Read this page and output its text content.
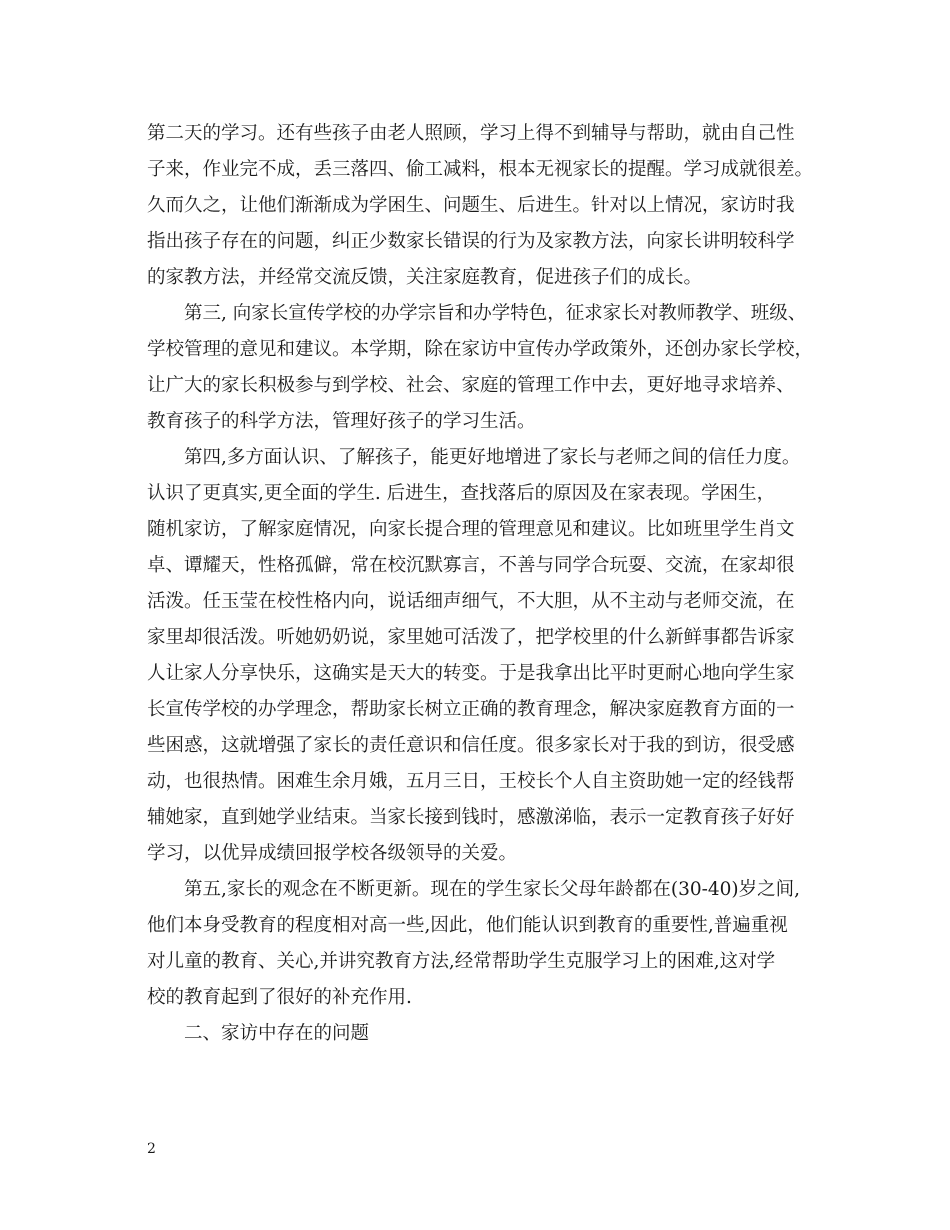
第二天的学习。还有些孩子由老人照顾，学习上得不到辅导与帮助，就由自己性
子来，作业完不成，丢三落四、偷工减料，根本无视家长的提醒。学习成就很差。
久而久之，让他们渐渐成为学困生、问题生、后进生。针对以上情况，家访时我
指出孩子存在的问题，纠正少数家长错误的行为及家教方法，向家长讲明较科学
的家教方法，并经常交流反馈，关注家庭教育，促进孩子们的成长。
第三, 向家长宣传学校的办学宗旨和办学特色，征求家长对教师教学、班级、
学校管理的意见和建议。本学期，除在家访中宣传办学政策外，还创办家长学校，
让广大的家长积极参与到学校、社会、家庭的管理工作中去，更好地寻求培养、
教育孩子的科学方法，管理好孩子的学习生活。
第四,多方面认识、了解孩子，能更好地增进了家长与老师之间的信任力度。
认识了更真实,更全面的学生. 后进生，查找落后的原因及在家表现。学困生，
随机家访，了解家庭情况，向家长提合理的管理意见和建议。比如班里学生肖文
卓、谭耀天，性格孤僻，常在校沉默寡言，不善与同学合玩耍、交流，在家却很
活泼。任玉莹在校性格内向，说话细声细气，不大胆，从不主动与老师交流，在
家里却很活泼。听她奶奶说，家里她可活泼了，把学校里的什么新鲜事都告诉家
人让家人分享快乐，这确实是天大的转变。于是我拿出比平时更耐心地向学生家
长宣传学校的办学理念，帮助家长树立正确的教育理念，解决家庭教育方面的一
些困惑，这就增强了家长的责任意识和信任度。很多家长对于我的到访，很受感
动，也很热情。困难生余月娥，五月三日，王校长个人自主资助她一定的经钱帮
辅她家，直到她学业结束。当家长接到钱时，感激涕临，表示一定教育孩子好好
学习，以优异成绩回报学校各级领导的关爱。
第五,家长的观念在不断更新。现在的学生家长父母年龄都在(30-40)岁之间,
他们本身受教育的程度相对高一些,因此，他们能认识到教育的重要性,普遍重视
对儿童的教育、关心,并讲究教育方法,经常帮助学生克服学习上的困难,这对学
校的教育起到了很好的补充作用.
二、家访中存在的问题
2
